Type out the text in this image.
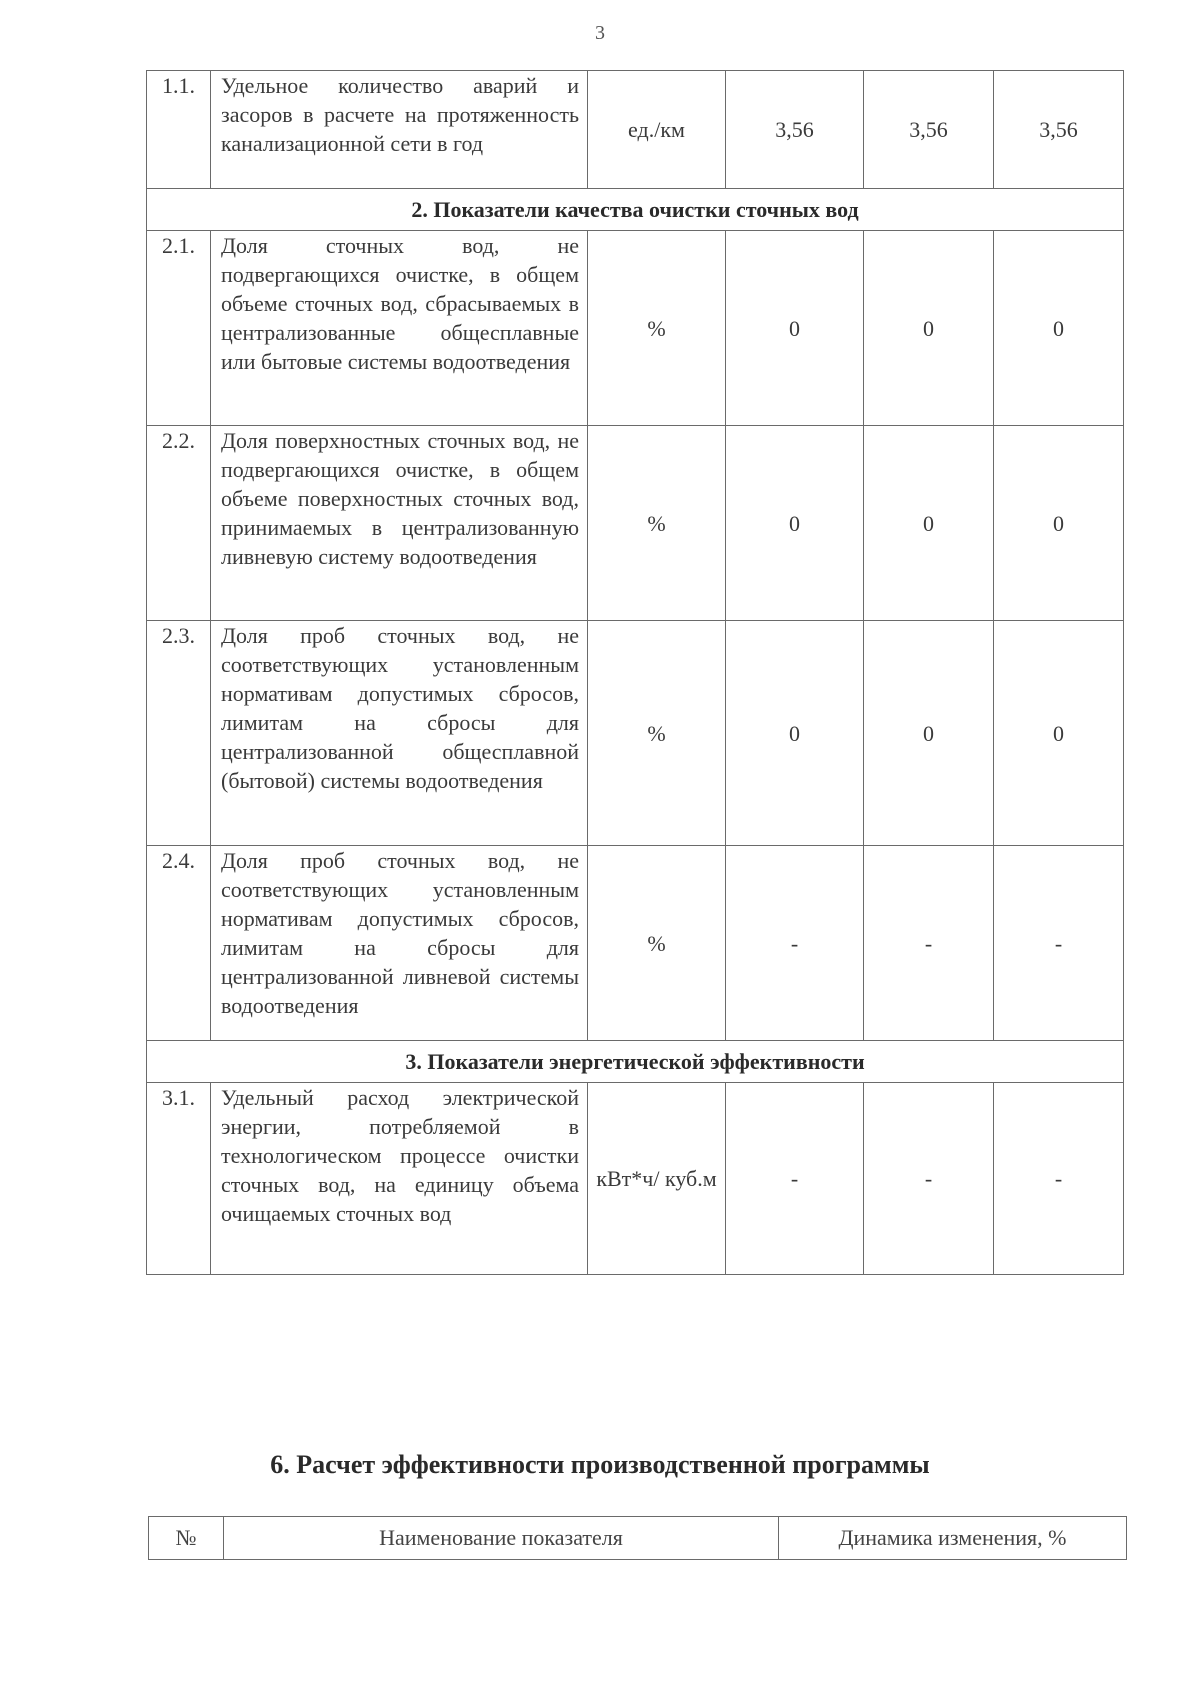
3
1.1.	Удельное количество аварий и засоров в расчете на протяженность канализационной сети в год	ед./км	3,56	3,56	3,56
2. Показатели качества очистки сточных вод					
2.1.	Доля сточных вод, не подвергающихся очистке, в общем объеме сточных вод, сбрасываемых в централизованные общесплавные или бытовые системы водоотведения	%	0	0	0
2.2.	Доля поверхностных сточных вод, не подвергающихся очистке, в общем объеме поверхностных сточных вод, принимаемых в централизованную ливневую систему водоотведения	%	0	0	0
2.3.	Доля проб сточных вод, не соответствующих установленным нормативам допустимых сбросов, лимитам на сбросы для централизованной общесплавной (бытовой) системы водоотведения	%	0	0	0
2.4.	Доля проб сточных вод, не соответствующих установленным нормативам допустимых сбросов, лимитам на сбросы для централизованной ливневой системы водоотведения	%	-	-	-
3. Показатели энергетической эффективности					
3.1.	Удельный расход электрической энергии, потребляемой в технологическом процессе очистки сточных вод, на единицу объема очищаемых сточных вод	кВт*ч/ куб.м	-	-	-
6. Расчет эффективности производственной программы
№	Наименование показателя	Динамика изменения, %
